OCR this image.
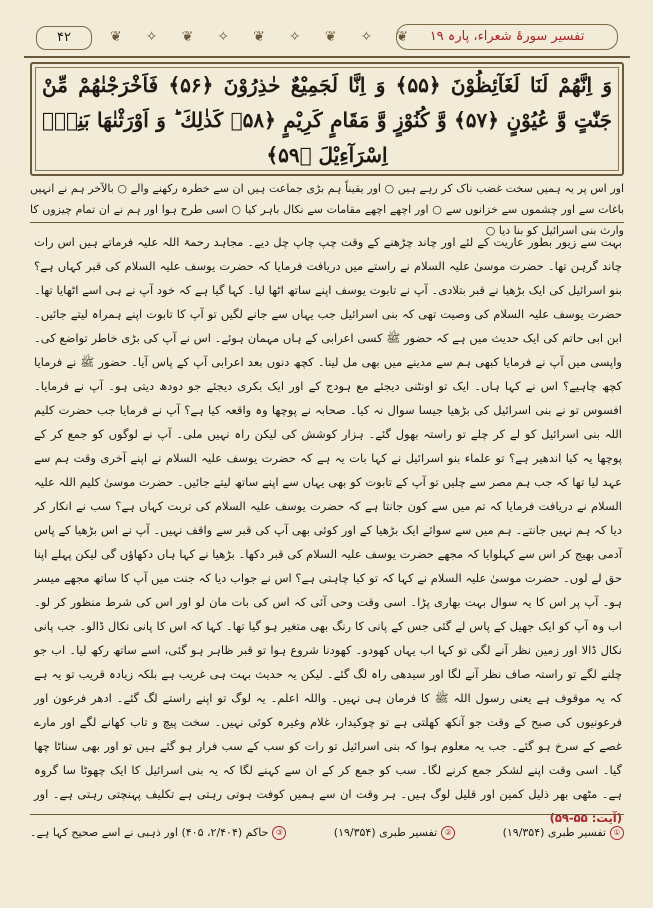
۴۲	❦ ✧ ❦ ✧ ❦ ✧ ❦ ✧ ❦	تفسیر سورۂ شعراء، پارہ ۱۹
وَ اِنَّهُمْ لَنَا لَغَآئِظُوْنَ ﴿۵۵﴾ وَ اِنَّا لَجَمِيْعٌ حٰذِرُوْنَ ﴿۵۶﴾ فَاَخْرَجْنٰهُمْ مِّنْ جَنّٰتٍ وَّ عُيُوْنٍ ﴿۵۷﴾ وَّ كُنُوْزٍ وَّ مَقَامٍ كَرِيْمٍ ﴿۵۸﴾ كَذٰلِكَ ؕ وَ اَوْرَثْنٰهَا بَنِيْۤ اِسْرَآءِيْلَ ﴿۵۹﴾
اور اس پر یہ ہمیں سخت غضب ناک کر رہے ہیں ○ اور یقیناً ہم بڑی جماعت ہیں ان سے خطرہ رکھنے والے ○ بالآخر ہم نے انہیں باغات سے اور چشموں سے خزانوں سے ○ اور اچھے اچھے مقامات سے نکال باہر کیا ○ اسی طرح ہوا اور ہم نے ان تمام چیزوں کا وارث بنی اسرائیل کو بنا دیا ○

بہت سے زیور بطور عاریت کے لئے اور چاند چڑھنے کے وقت چپ چاپ چل دیے۔ مجاہد رحمۃ اللہ علیہ فرماتے ہیں اس رات چاند گرہن تھا۔ حضرت موسیٰ علیہ السلام نے راستے میں دریافت فرمایا کہ حضرت یوسف علیہ السلام کی قبر کہاں ہے؟ بنو اسرائیل کی ایک بڑھیا نے قبر بتلادی۔ آپ نے تابوت یوسف اپنے ساتھ اٹھا لیا۔ کہا گیا ہے کہ خود آپ نے ہی اسے اٹھایا تھا۔ حضرت یوسف علیہ السلام کی وصیت تھی کہ بنی اسرائیل جب یہاں سے جانے لگیں تو آپ کا تابوت اپنے ہمراہ لیتے جائیں۔ ابن ابی حاتم کی ایک حدیث میں ہے کہ حضور ﷺ کسی اعرابی کے ہاں مہمان ہوئے۔ اس نے آپ کی بڑی خاطر تواضع کی۔ واپسی میں آپ نے فرمایا کبھی ہم سے مدینے میں بھی مل لینا۔ کچھ دنوں بعد اعرابی آپ کے پاس آیا۔ حضور ﷺ نے فرمایا کچھ چاہیے؟ اس نے کہا ہاں۔ ایک تو اونٹنی دیجئے مع ہودج کے اور ایک بکری دیجئے جو دودھ دیتی ہو۔ آپ نے فرمایا۔ افسوس تو نے بنی اسرائیل کی بڑھیا جیسا سوال نہ کیا۔ صحابہ نے پوچھا وہ واقعہ کیا ہے؟ آپ نے فرمایا جب حضرت کلیم اللہ بنی اسرائیل کو لے کر چلے تو راستہ بھول گئے۔ ہزار کوشش کی لیکن راہ نہیں ملی۔ آپ نے لوگوں کو جمع کر کے پوچھا یہ کیا اندھیر ہے؟ تو علماء بنو اسرائیل نے کہا بات یہ ہے کہ حضرت یوسف علیہ السلام نے اپنے آخری وقت ہم سے عہد لیا تھا کہ جب ہم مصر سے چلیں تو آپ کے تابوت کو بھی یہاں سے اپنے ساتھ لیتے جائیں۔ حضرت موسیٰ کلیم اللہ علیہ السلام نے دریافت فرمایا کہ تم میں سے کون جانتا ہے کہ حضرت یوسف علیہ السلام کی تربت کہاں ہے؟ سب نے انکار کر دیا کہ ہم نہیں جانتے۔ ہم میں سے سوائے ایک بڑھیا کے اور کوئی بھی آپ کی قبر سے واقف نہیں۔ آپ نے اس بڑھیا کے پاس آدمی بھیج کر اس سے کہلوایا کہ مجھے حضرت یوسف علیہ السلام کی قبر دکھا۔ بڑھیا نے کہا ہاں دکھاؤں گی لیکن پہلے اپنا حق لے لوں۔ حضرت موسیٰ علیہ السلام نے کہا کہ تو کیا چاہتی ہے؟ اس نے جواب دیا کہ جنت میں آپ کا ساتھ مجھے میسر ہو۔ آپ پر اس کا یہ سوال بہت بھاری پڑا۔ اسی وقت وحی آئی کہ اس کی بات مان لو اور اس کی شرط منظور کر لو۔ اب وہ آپ کو ایک جھیل کے پاس لے گئی جس کے پانی کا رنگ بھی متغیر ہو گیا تھا۔ کہا کہ اس کا پانی نکال ڈالو۔ جب پانی نکال ڈالا اور زمین نظر آنے لگی تو کہا اب یہاں کھودو۔ کھودنا شروع ہوا تو قبر ظاہر ہو گئی، اسے ساتھ رکھ لیا۔ اب جو چلنے لگے تو راستہ صاف نظر آنے لگا اور سیدھی راہ لگ گئے۔ لیکن یہ حدیث بہت ہی غریب ہے بلکہ زیادہ قریب تو یہ ہے کہ یہ موقوف ہے یعنی رسول اللہ ﷺ کا فرمان ہی نہیں۔ واللہ اعلم۔ یہ لوگ تو اپنے راستے لگ گئے۔ ادھر فرعون اور فرعونیوں کی صبح کے وقت جو آنکھ کھلتی ہے تو چوکیدار، غلام وغیرہ کوئی نہیں۔ سخت پیچ و تاب کھانے لگے اور مارے غصے کے سرخ ہو گئے۔ جب یہ معلوم ہوا کہ بنی اسرائیل تو رات کو سب کے سب فرار ہو گئے ہیں تو اور بھی سناٹا چھا گیا۔ اسی وقت اپنے لشکر جمع کرنے لگا۔ سب کو جمع کر کے ان سے کہنے لگا کہ یہ بنی اسرائیل کا ایک چھوٹا سا گروہ ہے۔ مٹھی بھر ذلیل کمین اور قلیل لوگ ہیں۔ ہر وقت ان سے ہمیں کوفت ہوتی رہتی ہے تکلیف پہنچتی رہتی ہے۔ اور (آیت: ۵۵-۵۹)

①
تفسیر طبری (۱۹/۳۵۴)
②
تفسیر طبری (۱۹/۳۵۴)
③
حاکم (۲/۴۰۴، ۴۰۵) اور ذہبی نے اسے صحیح کہا ہے۔
